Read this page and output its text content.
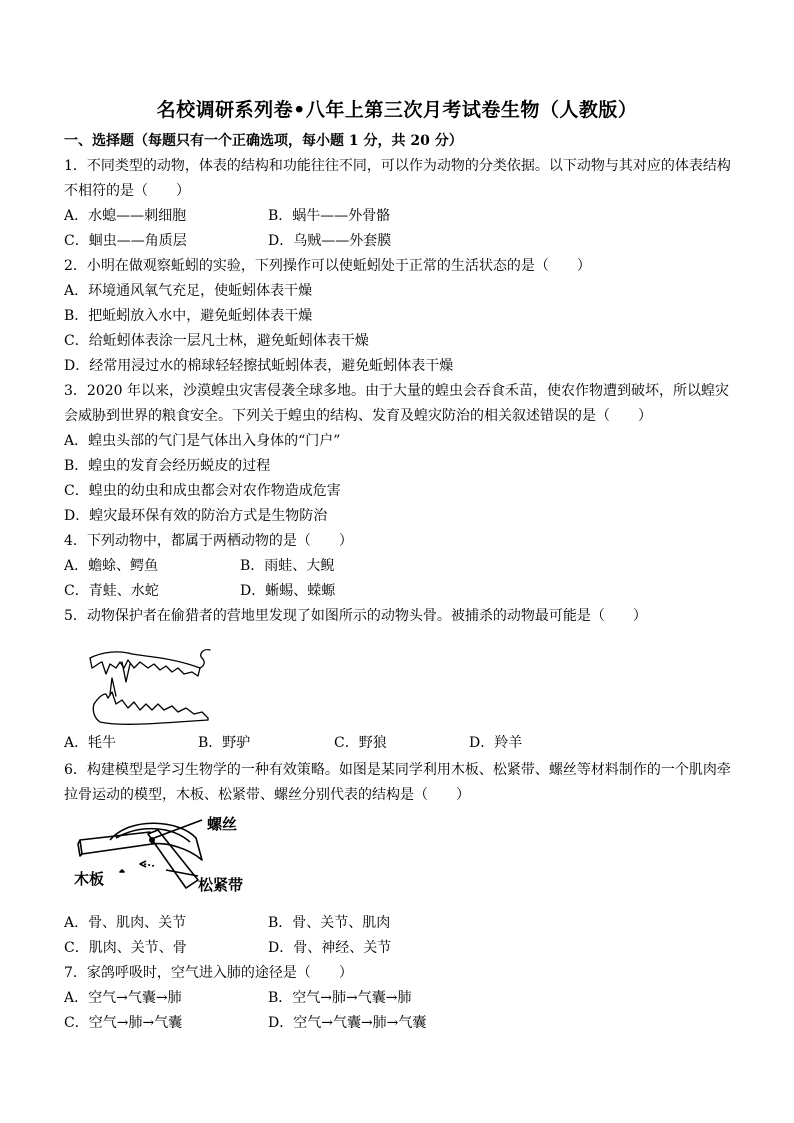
名校调研系列卷•八年上第三次月考试卷生物（人教版）
一、选择题（每题只有一个正确选项，每小题 1 分，共 20 分）
1．不同类型的动物，体表的结构和功能往往不同，可以作为动物的分类依据。以下动物与其对应的体表结构
不相符的是（　　）
A．水螅——刺细胞	B．蜗牛——外骨骼
C．蛔虫——角质层	D．乌贼——外套膜
2．小明在做观察蚯蚓的实验，下列操作可以使蚯蚓处于正常的生活状态的是（　　）
A．环境通风氧气充足，使蚯蚓体表干燥
B．把蚯蚓放入水中，避免蚯蚓体表干燥
C．给蚯蚓体表涂一层凡士林，避免蚯蚓体表干燥
D．经常用浸过水的棉球轻轻擦拭蚯蚓体表，避免蚯蚓体表干燥
3．2020 年以来，沙漠蝗虫灾害侵袭全球多地。由于大量的蝗虫会吞食禾苗，使农作物遭到破坏，所以蝗灾
会威胁到世界的粮食安全。下列关于蝗虫的结构、发育及蝗灾防治的相关叙述错误的是（　　）
A．蝗虫头部的气门是气体出入身体的“门户”
B．蝗虫的发育会经历蜕皮的过程
C．蝗虫的幼虫和成虫都会对农作物造成危害
D．蝗灾最环保有效的防治方式是生物防治
4．下列动物中，都属于两栖动物的是（　　）
A．蟾蜍、鳄鱼	B．雨蛙、大鲵
C．青蛙、水蛇	D．蜥蜴、蝾螈
5．动物保护者在偷猎者的营地里发现了如图所示的动物头骨。被捕杀的动物最可能是（　　）
A．牦牛	B．野驴	C．野狼	D．羚羊
6．构建模型是学习生物学的一种有效策略。如图是某同学利用木板、松紧带、螺丝等材料制作的一个肌肉牵
拉骨运动的模型，木板、松紧带、螺丝分别代表的结构是（　　）
螺丝
木板	松紧带
A．骨、肌肉、关节	B．骨、关节、肌肉
C．肌肉、关节、骨	D．骨、神经、关节
7．家鸽呼吸时，空气进入肺的途径是（　　）
A．空气→气囊→肺	B．空气→肺→气囊→肺
C．空气→肺→气囊	D．空气→气囊→肺→气囊
